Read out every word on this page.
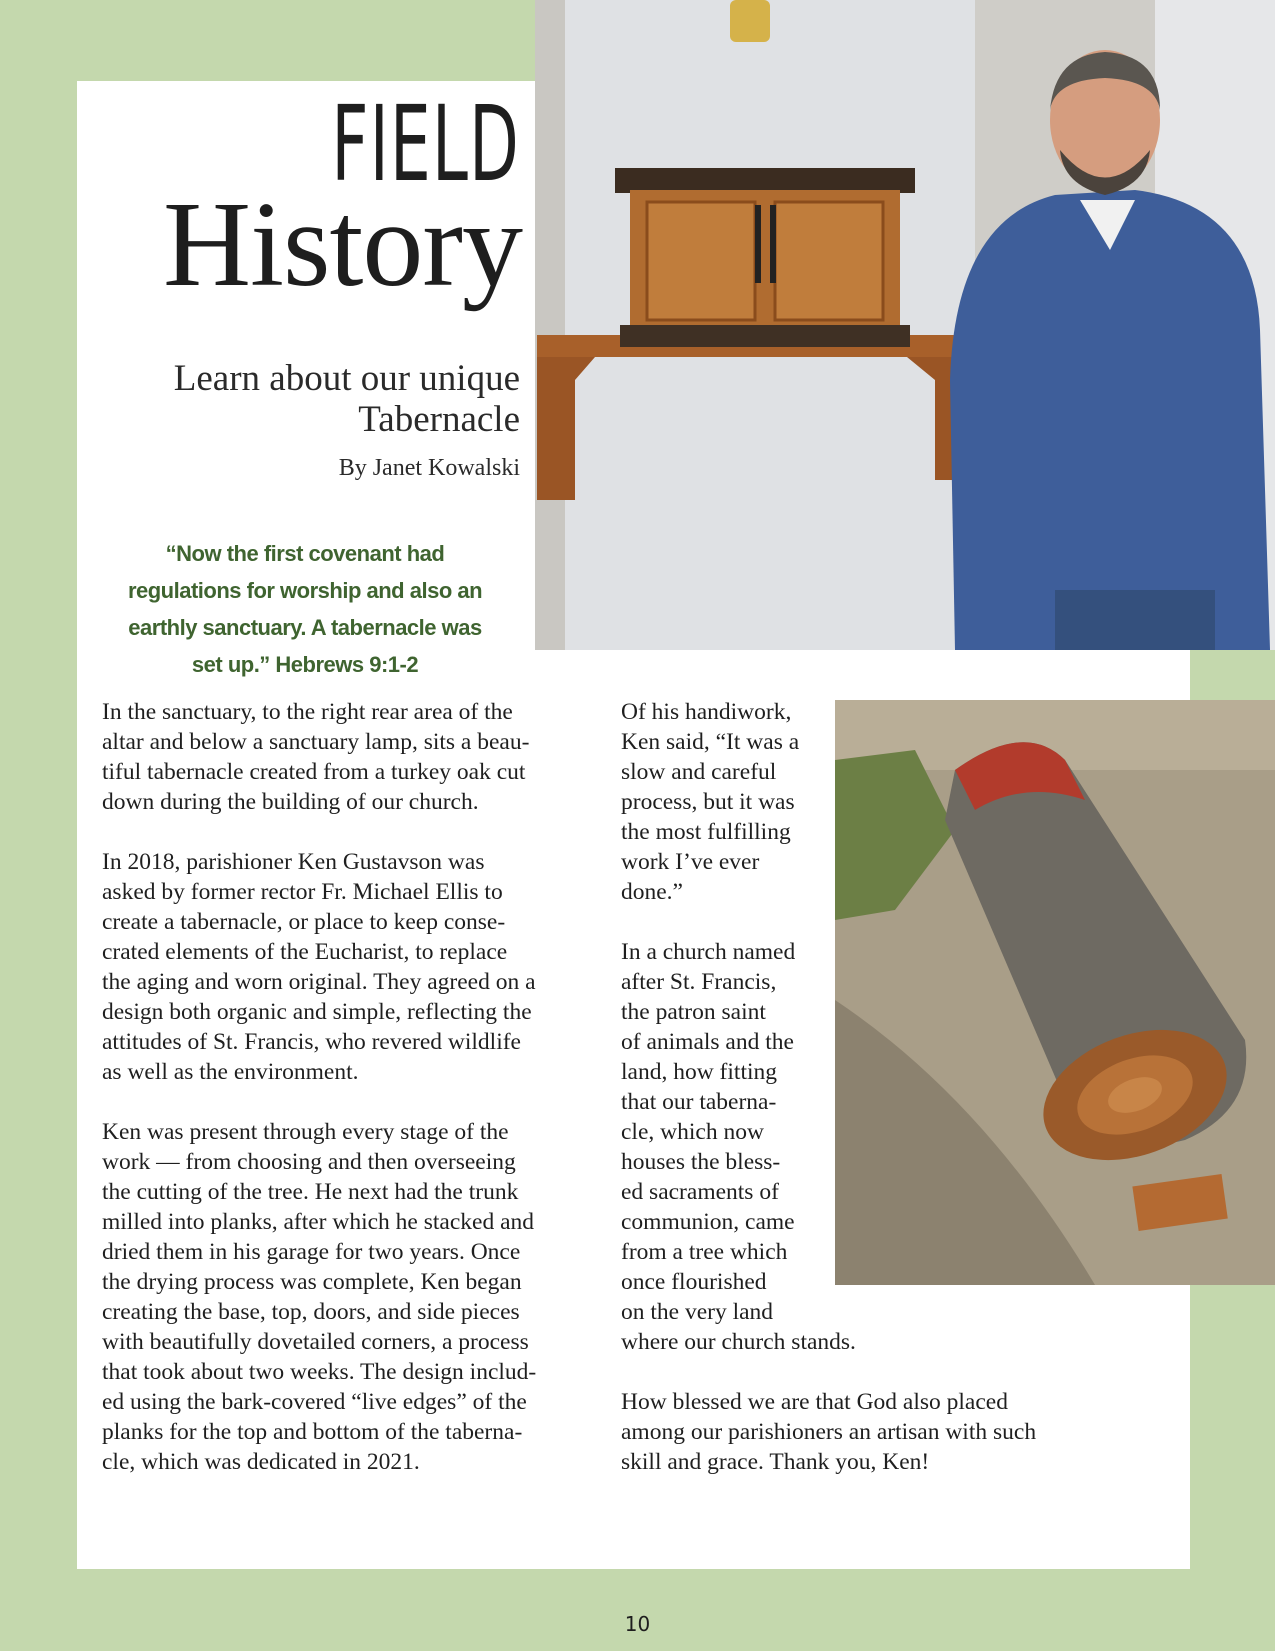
FIELD
History
Learn about our unique
Tabernacle
By Janet Kowalski
“Now the first covenant had regulations for worship and also an earthly sanctuary. A tabernacle was set up.” Hebrews 9:1-2

In the sanctuary, to the right rear area of the
altar and below a sanctuary lamp, sits a beau-
tiful tabernacle created from a turkey oak cut
down during the building of our church.

In 2018, parishioner Ken Gustavson was
asked by former rector Fr. Michael Ellis to
create a tabernacle, or place to keep conse-
crated elements of the Eucharist, to replace
the aging and worn original. They agreed on a
design both organic and simple, reflecting the
attitudes of St. Francis, who revered wildlife
as well as the environment.

Ken was present through every stage of the
work — from choosing and then overseeing
the cutting of the tree. He next had the trunk
milled into planks, after which he stacked and
dried them in his garage for two years. Once
the drying process was complete, Ken began
creating the base, top, doors, and side pieces
with beautifully dovetailed corners, a process
that took about two weeks. The design includ-
ed using the bark-covered “live edges” of the
planks for the top and bottom of the taberna-
cle, which was dedicated in 2021.

Of his handiwork,
Ken said, “It was a
slow and careful
process, but it was
the most fulfilling
work I’ve ever
done.”

In a church named
after St. Francis,
the patron saint
of animals and the
land, how fitting
that our taberna-
cle, which now
houses the bless-
ed sacraments of
communion, came
from a tree which
once flourished
on the very land
where our church stands.

How blessed we are that God also placed
among our parishioners an artisan with such
skill and grace. Thank you, Ken!

10
